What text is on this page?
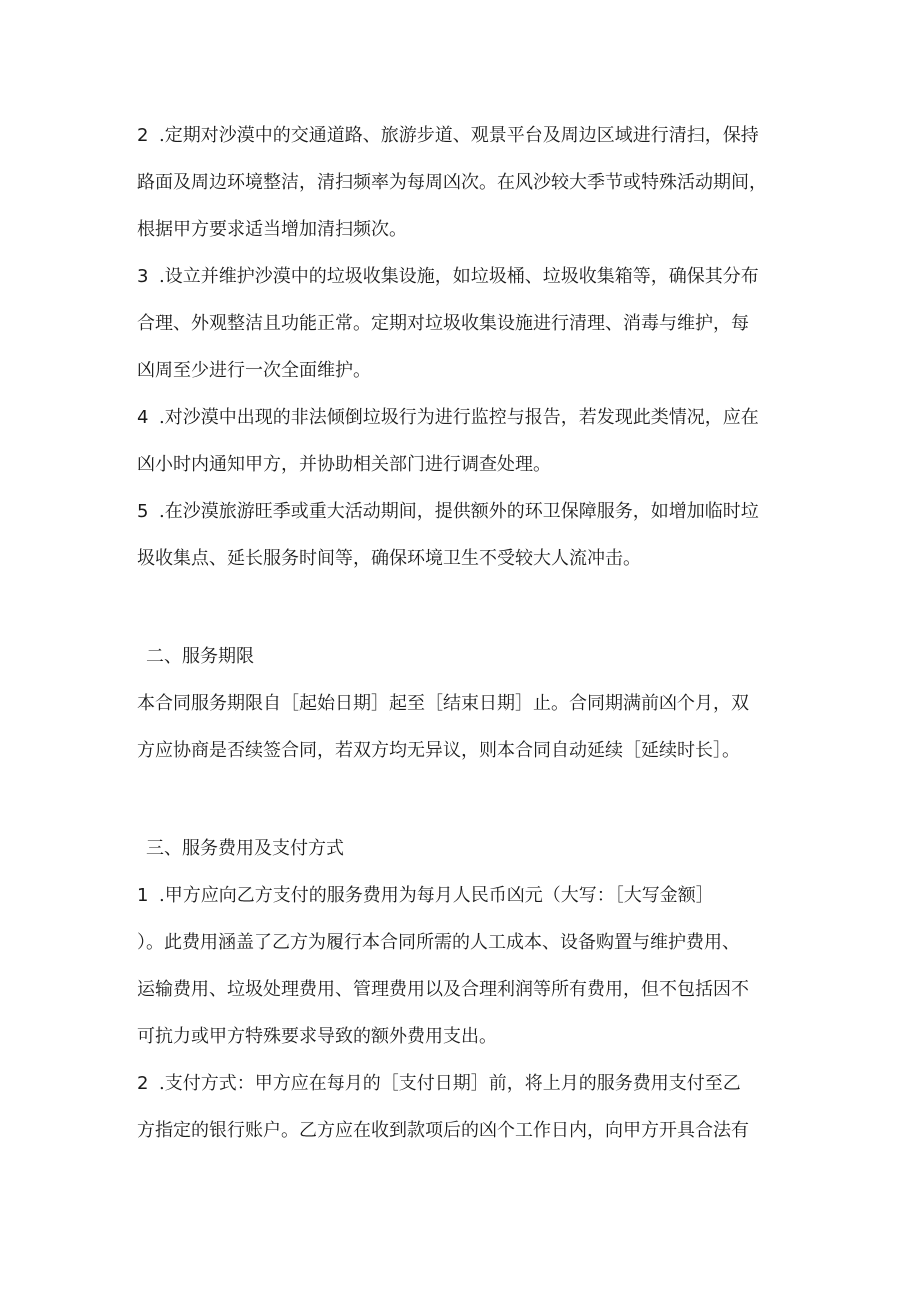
2 .定期对沙漠中的交通道路、旅游步道、观景平台及周边区域进行清扫，保持
路面及周边环境整洁，清扫频率为每周凶次。在风沙较大季节或特殊活动期间，
根据甲方要求适当增加清扫频次。
3 .设立并维护沙漠中的垃圾收集设施，如垃圾桶、垃圾收集箱等，确保其分布
合理、外观整洁且功能正常。定期对垃圾收集设施进行清理、消毒与维护，每
凶周至少进行一次全面维护。
4 .对沙漠中出现的非法倾倒垃圾行为进行监控与报告，若发现此类情况，应在
凶小时内通知甲方，并协助相关部门进行调查处理。
5 .在沙漠旅游旺季或重大活动期间，提供额外的环卫保障服务，如增加临时垃
圾收集点、延长服务时间等，确保环境卫生不受较大人流冲击。
二、服务期限
本合同服务期限自［起始日期］起至［结束日期］止。合同期满前凶个月，双
方应协商是否续签合同，若双方均无异议，则本合同自动延续［延续时长］。
三、服务费用及支付方式
1 .甲方应向乙方支付的服务费用为每月人民币凶元（大写：［大写金额］
）。此费用涵盖了乙方为履行本合同所需的人工成本、设备购置与维护费用、
运输费用、垃圾处理费用、管理费用以及合理利润等所有费用，但不包括因不
可抗力或甲方特殊要求导致的额外费用支出。
2 .支付方式：甲方应在每月的［支付日期］前，将上月的服务费用支付至乙
方指定的银行账户。乙方应在收到款项后的凶个工作日内，向甲方开具合法有
